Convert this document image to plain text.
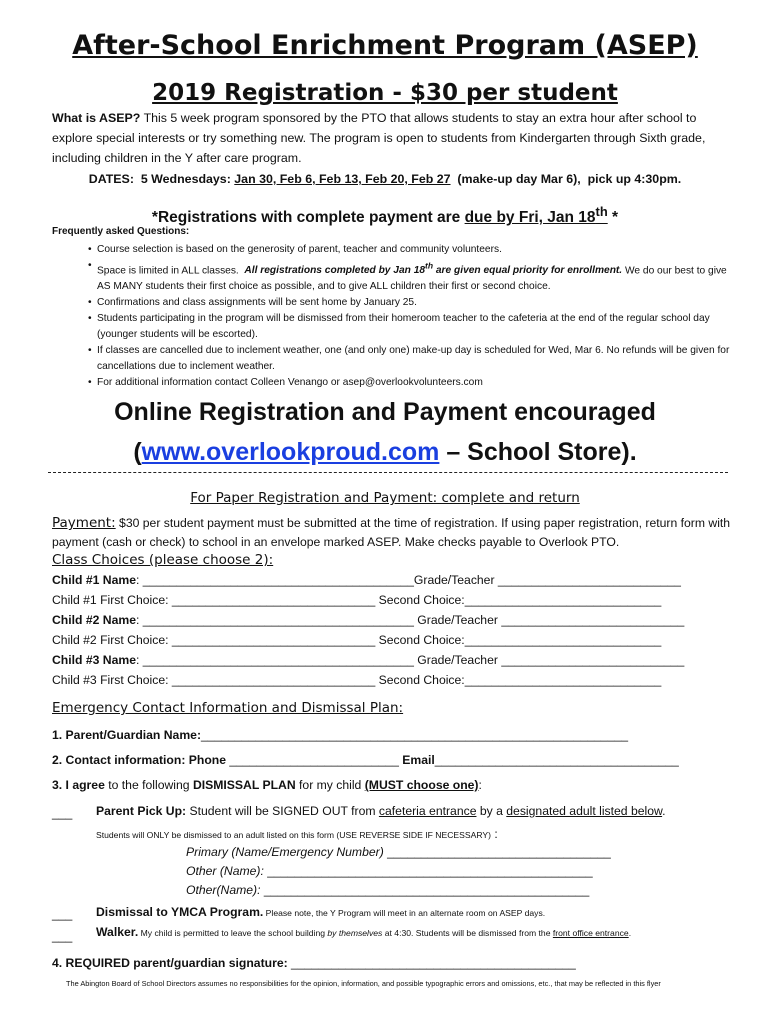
After-School Enrichment Program (ASEP)
2019 Registration - $30 per student
What is ASEP? This 5 week program sponsored by the PTO that allows students to stay an extra hour after school to explore special interests or try something new. The program is open to students from Kindergarten through Sixth grade, including children in the Y after care program.
DATES: 5 Wednesdays: Jan 30, Feb 6, Feb 13, Feb 20, Feb 27 (make-up day Mar 6), pick up 4:30pm.
*Registrations with complete payment are due by Fri, Jan 18th *
Frequently asked Questions:
• Course selection is based on the generosity of parent, teacher and community volunteers.
• Space is limited in ALL classes. All registrations completed by Jan 18th are given equal priority for enrollment. We do our best to give AS MANY students their first choice as possible, and to give ALL children their first or second choice.
• Confirmations and class assignments will be sent home by January 25.
• Students participating in the program will be dismissed from their homeroom teacher to the cafeteria at the end of the regular school day (younger students will be escorted).
• If classes are cancelled due to inclement weather, one (and only one) make-up day is scheduled for Wed, Mar 6. No refunds will be given for cancellations due to inclement weather.
• For additional information contact Colleen Venango or asep@overlookvolunteers.com
Online Registration and Payment encouraged
(www.overlookproud.com – School Store).
For Paper Registration and Payment: complete and return
Payment: $30 per student payment must be submitted at the time of registration. If using paper registration, return form with payment (cash or check) to school in an envelope marked ASEP. Make checks payable to Overlook PTO.
Class Choices (please choose 2):
Child #1 Name: ________________________________________Grade/Teacher ___________________________
Child #1 First Choice: ______________________________ Second Choice:_____________________________
Child #2 Name: ________________________________________ Grade/Teacher ___________________________
Child #2 First Choice: ______________________________ Second Choice:_____________________________
Child #3 Name: ________________________________________ Grade/Teacher ___________________________
Child #3 First Choice: ______________________________ Second Choice:_____________________________
Emergency Contact Information and Dismissal Plan:
1. Parent/Guardian Name:_______________________________________________________________
2. Contact information: Phone _________________________ Email____________________________________
3. I agree to the following DISMISSAL PLAN for my child (MUST choose one):
___ Parent Pick Up: Student will be SIGNED OUT from cafeteria entrance by a designated adult listed below.
Students will ONLY be dismissed to an adult listed on this form (USE REVERSE SIDE IF NECESSARY) :
Primary (Name/Emergency Number) _________________________________
Other (Name): ________________________________________________
Other(Name): ________________________________________________
___ Dismissal to YMCA Program. Please note, the Y Program will meet in an alternate room on ASEP days.
___ Walker. My child is permitted to leave the school building by themselves at 4:30. Students will be dismissed from the front office entrance.
4. REQUIRED parent/guardian signature: __________________________________________
The Abington Board of School Directors assumes no responsibilities for the opinion, information, and possible typographic errors and omissions, etc., that may be reflected in this flyer
